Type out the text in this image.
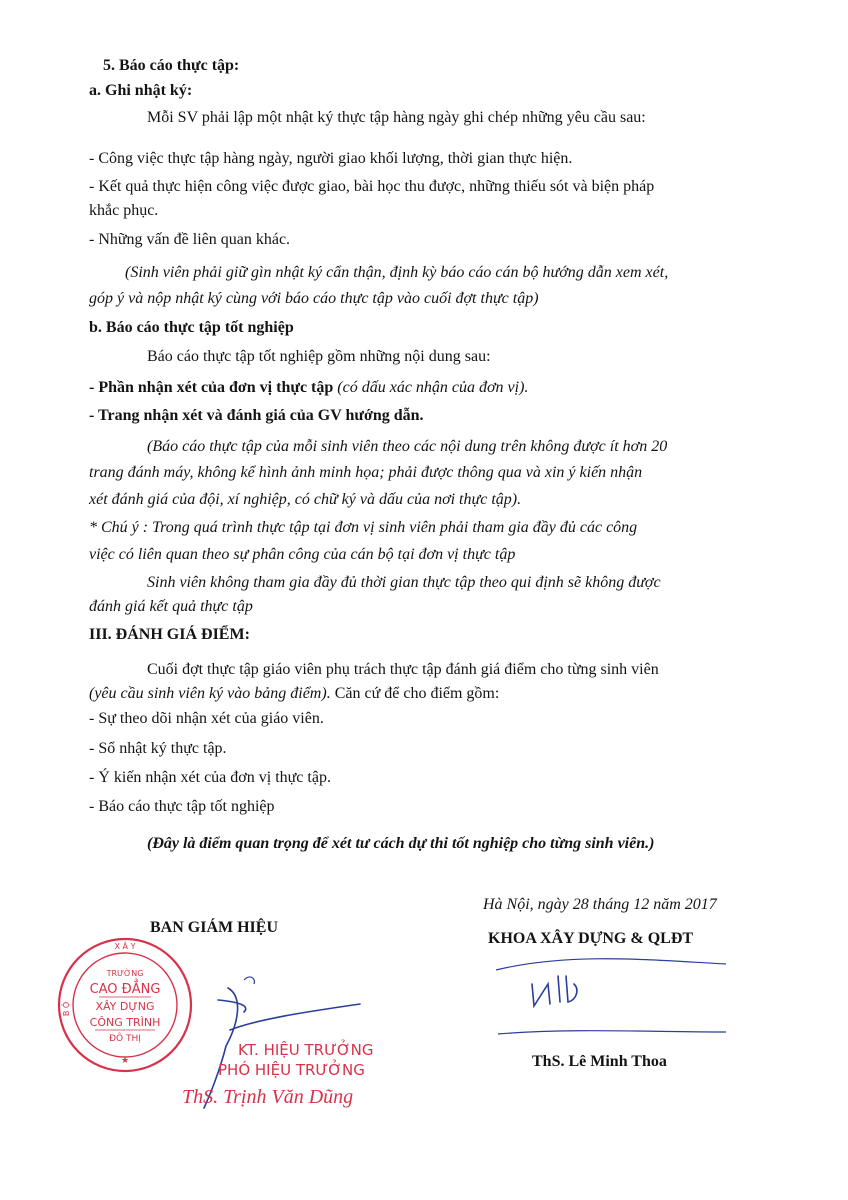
5. Báo cáo thực tập:
a. Ghi nhật ký:
Mỗi SV phải lập một nhật ký thực tập hàng ngày ghi chép những yêu cầu sau:
- Công việc thực tập hàng ngày, người giao khối lượng, thời gian thực hiện.
- Kết quả thực hiện công việc được giao, bài học thu được, những thiếu sót và biện pháp
khắc phục.
- Những vấn đề liên quan khác.
(Sinh viên phải giữ gìn nhật ký cẩn thận, định kỳ báo cáo cán bộ hướng dẫn xem xét,
góp ý và nộp nhật ký cùng với báo cáo thực tập vào cuối đợt thực tập)
b. Báo cáo thực tập tốt nghiệp
Báo cáo thực tập tốt nghiệp gồm những nội dung sau:
- Phần nhận xét của đơn vị thực tập (có dấu xác nhận của đơn vị).
- Trang nhận xét và đánh giá của GV hướng dẫn.
(Báo cáo thực tập của mỗi sinh viên theo các nội dung trên không được ít hơn 20
trang đánh máy, không kể hình ảnh minh họa; phải được thông qua và xin ý kiến nhận
xét đánh giá của đội, xí nghiệp, có chữ ký và dấu của nơi thực tập).
* Chú ý : Trong quá trình thực tập tại đơn vị sinh viên phải tham gia đầy đủ các công
việc có liên quan theo sự phân công của cán bộ tại đơn vị thực tập
Sinh viên không tham gia đầy đủ thời gian thực tập theo qui định sẽ không được
đánh giá kết quả thực tập
III. ĐÁNH GIÁ ĐIỂM:
Cuối đợt thực tập giáo viên phụ trách thực tập đánh giá điểm cho từng sinh viên
(yêu cầu sinh viên ký vào bảng điểm). Căn cứ để cho điểm gồm:
- Sự theo dõi nhận xét của giáo viên.
- Sổ nhật ký thực tập.
- Ý kiến nhận xét của đơn vị thực tập.
- Báo cáo thực tập tốt nghiệp
(Đây là điểm quan trọng để xét tư cách dự thi tốt nghiệp cho từng sinh viên.)
Hà Nội, ngày 28 tháng 12 năm 2017
BAN GIÁM HIỆU
KHOA XÂY DỰNG & QLĐT
X Â Y
B Ộ
TRƯỜNG
CAO ĐẲNG
XÂY DỰNG
CÔNG TRÌNH
ĐÔ THỊ
★
KT. HIỆU TRƯỞNG
PHÓ HIỆU TRƯỞNG
ThS. Trịnh Văn Dũng
ThS. Lê Minh Thoa
